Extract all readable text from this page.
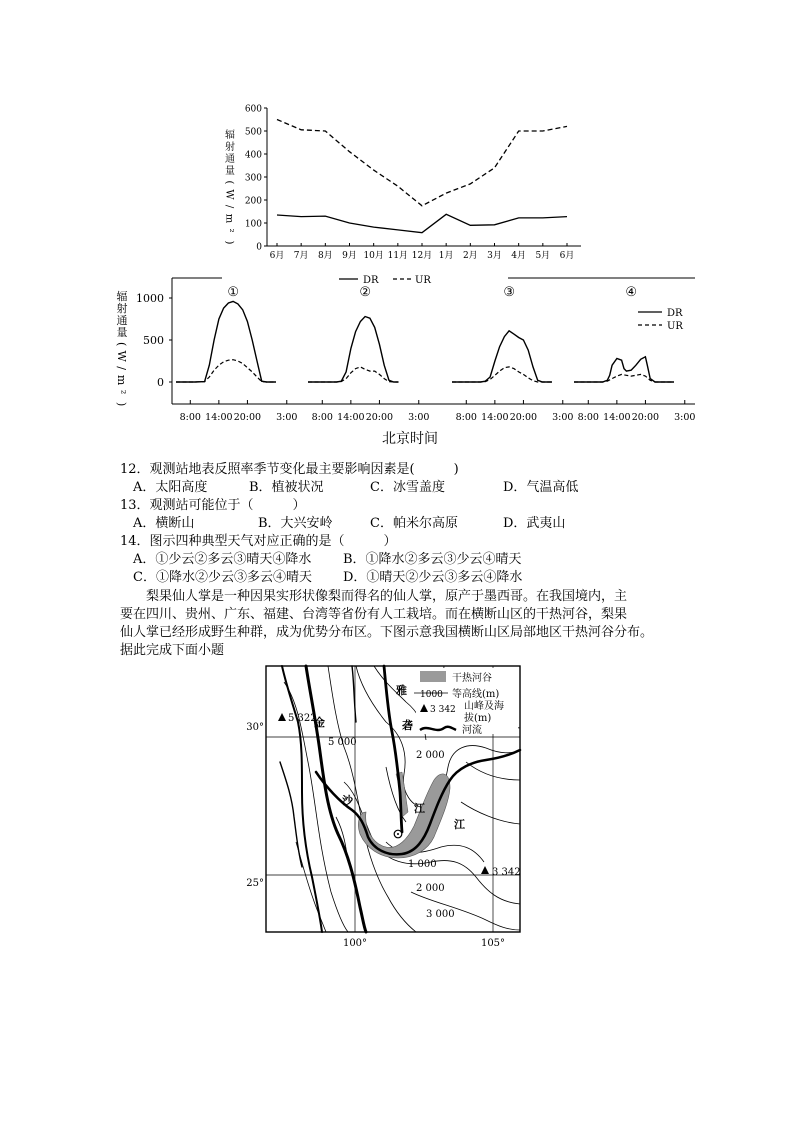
辐
射
通
量
(
W
/
m
²
) 0
100
200
300
400
500
600
6月 7月 8月 9月 10月 11月 12月 1月 2月 3月 4月 5月 6月
DR	UR
辐
射
通
量
(
W
/
m
²
)
0
500
1000	①
8:00 14:00 20:00 3:00
②
8:00 14:00 20:00 3:00
③
8:00 14:00 20:00 3:00
④
8:00 14:00 20:00 3:00
DR
UR
北京时间
12．观测站地表反照率季节变化最主要影响因素是(　　　)
A．太阳高度	B．植被状况	C．冰雪盖度	D．气温高低
13．观测站可能位于（　　　）
A．横断山	B．大兴安岭	C．帕米尔高原	D．武夷山
14．图示四种典型天气对应正确的是（　　　）
A．①少云②多云③晴天④降水 B．①降水②多云③少云④晴天
C．①降水②少云③多云④晴天 D．①晴天②少云③多云④降水
梨果仙人掌是一种因果实形状像梨而得名的仙人掌，原产于墨西哥。在我国境内，主
要在四川、贵州、广东、福建、台湾等省份有人工栽培。而在横断山区的干热河谷，梨果
仙人掌已经形成野生种群，成为优势分布区。下图示意我国横断山区局部地区干热河谷分布。
据此完成下面小题
5 322
3 342
5 000
2 000
1 000
2 000
3 000
雅
砻
金
沙
江
江
30°
25°
100°	105°
干热河谷
1000 等高线(m)
3 342 山峰及海
拔(m)
河流
